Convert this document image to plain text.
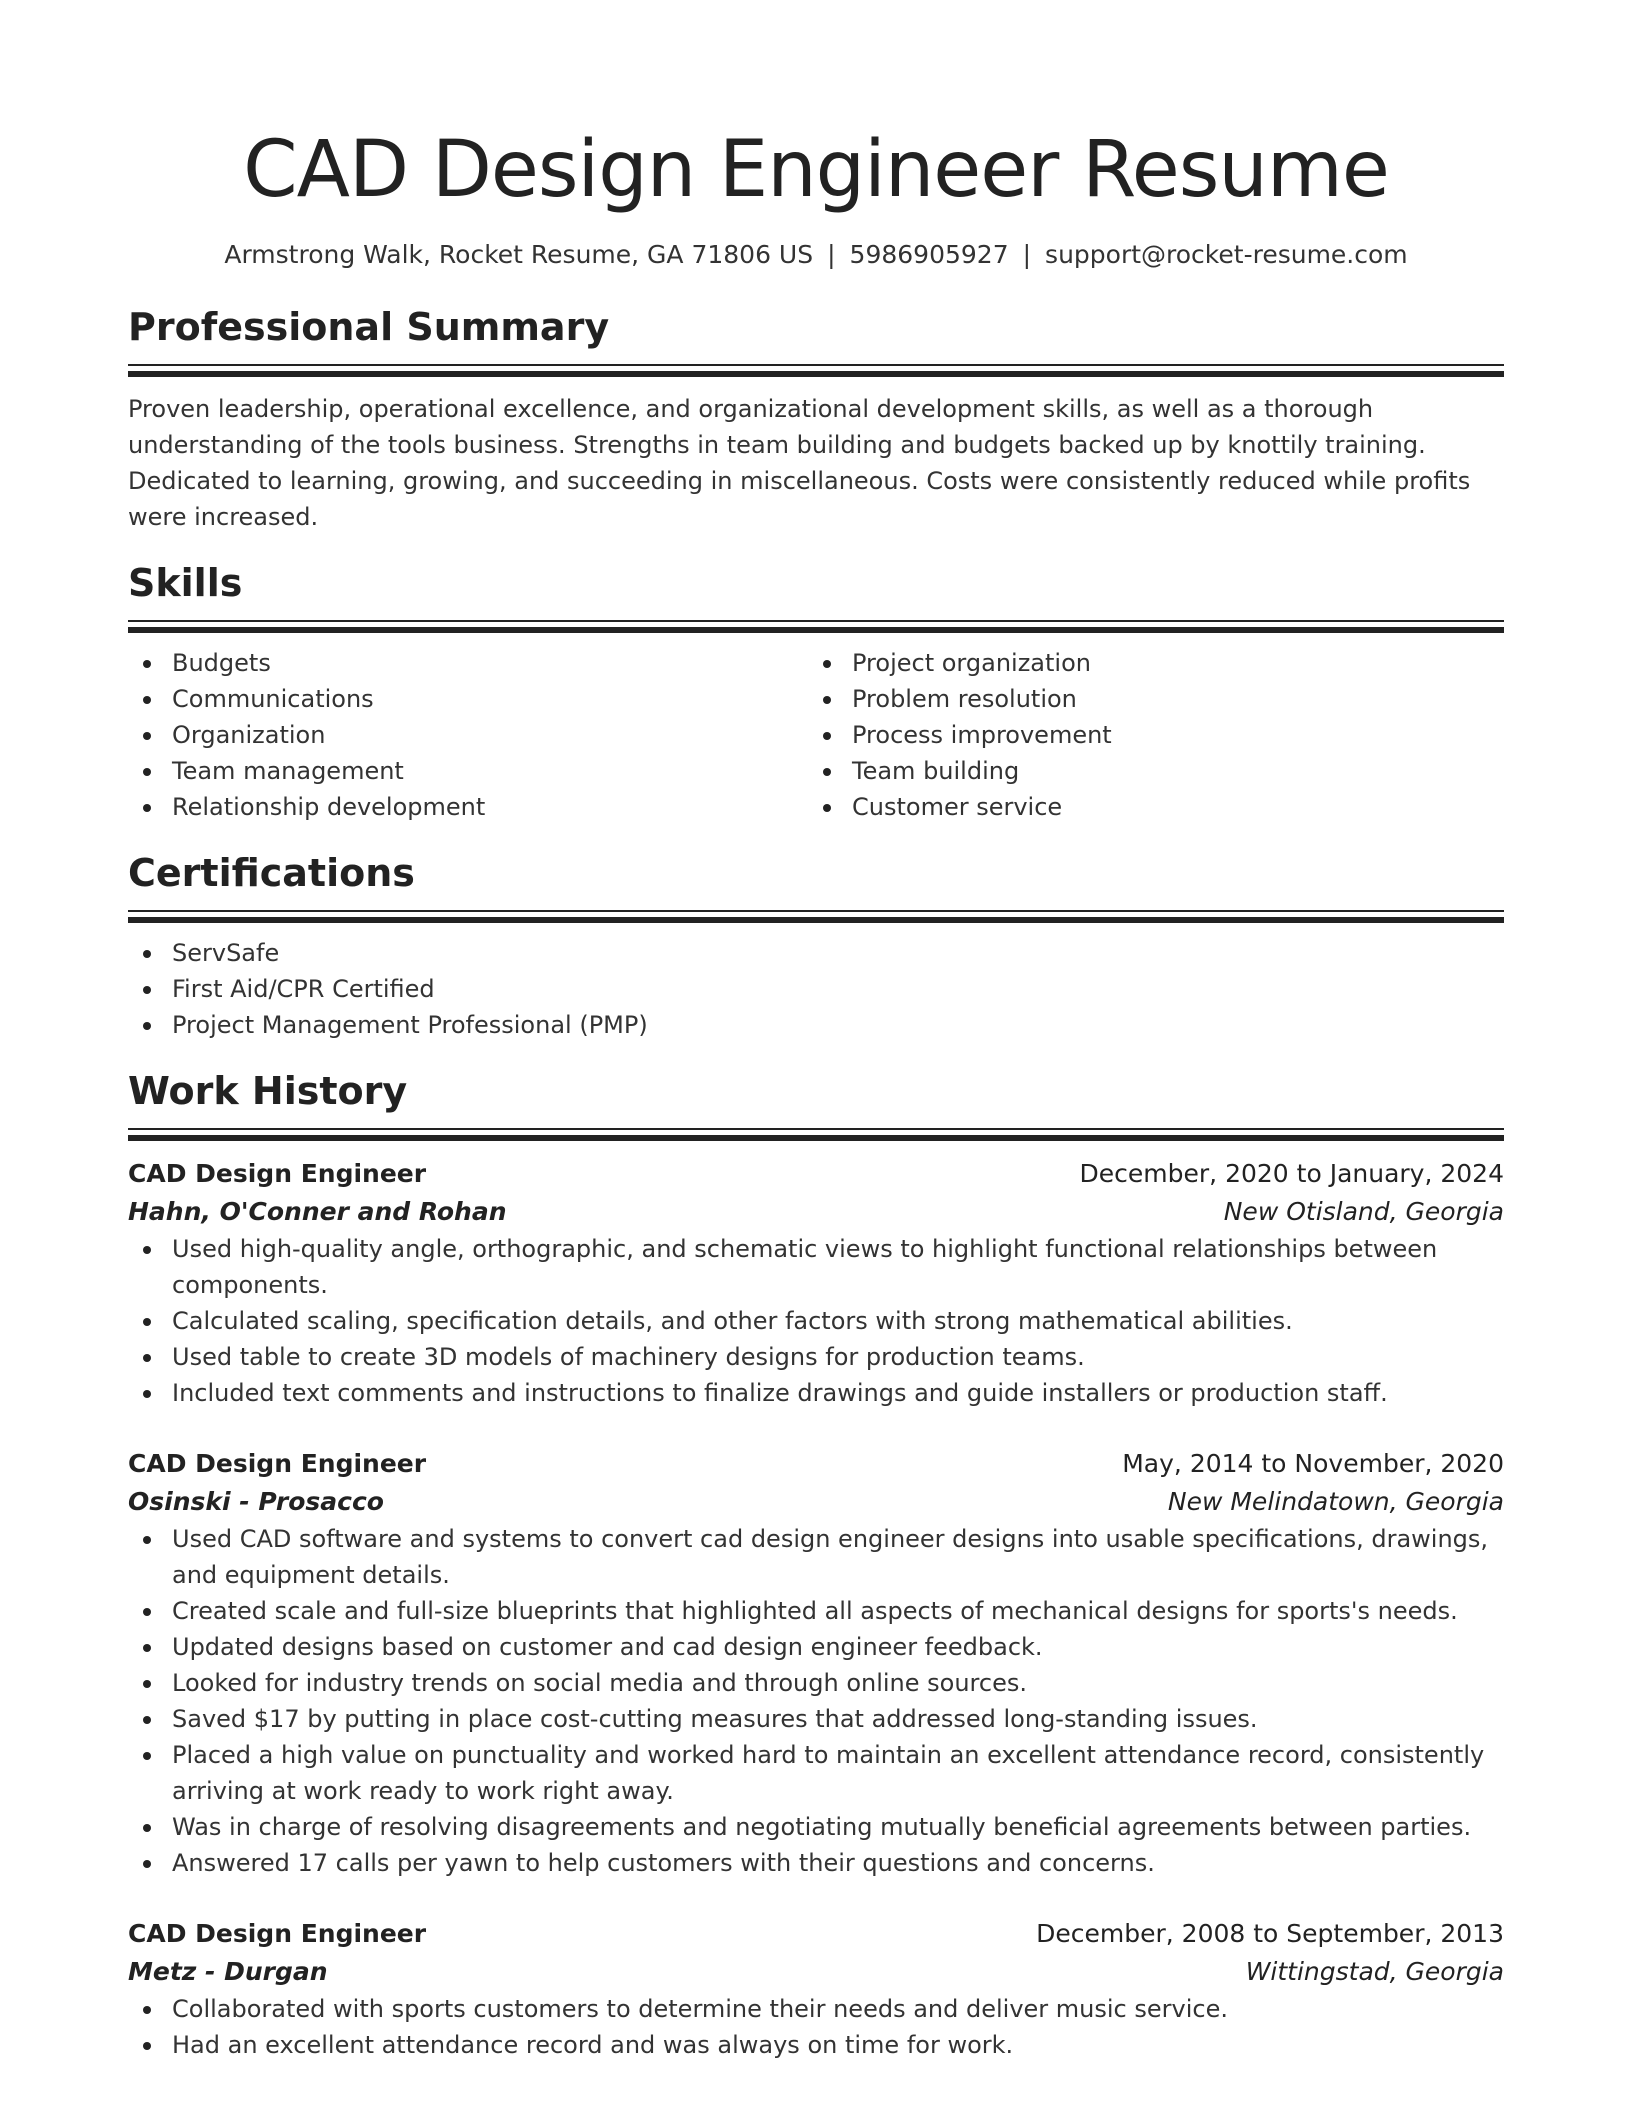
CAD Design Engineer Resume
Armstrong Walk, Rocket Resume, GA 71806 US | 5986905927 | support@rocket-resume.com
Professional Summary

Proven leadership, operational excellence, and organizational development skills, as well as a thorough understanding of the tools business. Strengths in team building and budgets backed up by knottily training. Dedicated to learning, growing, and succeeding in miscellaneous. Costs were consistently reduced while profits were increased.

Skills
Budgets
Communications
Organization
Team management
Relationship development
Project organization
Problem resolution
Process improvement
Team building
Customer service
Certifications
ServSafe
First Aid/CPR Certified
Project Management Professional (PMP)
Work History
CAD Design Engineer	December, 2020 to January, 2024
Hahn, O'Conner and Rohan	New Otisland, Georgia
Used high-quality angle, orthographic, and schematic views to highlight functional relationships between components.
Calculated scaling, specification details, and other factors with strong mathematical abilities.
Used table to create 3D models of machinery designs for production teams.
Included text comments and instructions to finalize drawings and guide installers or production staff.
CAD Design Engineer	May, 2014 to November, 2020
Osinski - Prosacco	New Melindatown, Georgia
Used CAD software and systems to convert cad design engineer designs into usable specifications, drawings, and equipment details.
Created scale and full-size blueprints that highlighted all aspects of mechanical designs for sports's needs.
Updated designs based on customer and cad design engineer feedback.
Looked for industry trends on social media and through online sources.
Saved $17 by putting in place cost-cutting measures that addressed long-standing issues.
Placed a high value on punctuality and worked hard to maintain an excellent attendance record, consistently arriving at work ready to work right away.
Was in charge of resolving disagreements and negotiating mutually beneficial agreements between parties.
Answered 17 calls per yawn to help customers with their questions and concerns.
CAD Design Engineer	December, 2008 to September, 2013
Metz - Durgan	Wittingstad, Georgia
Collaborated with sports customers to determine their needs and deliver music service.
Had an excellent attendance record and was always on time for work.
